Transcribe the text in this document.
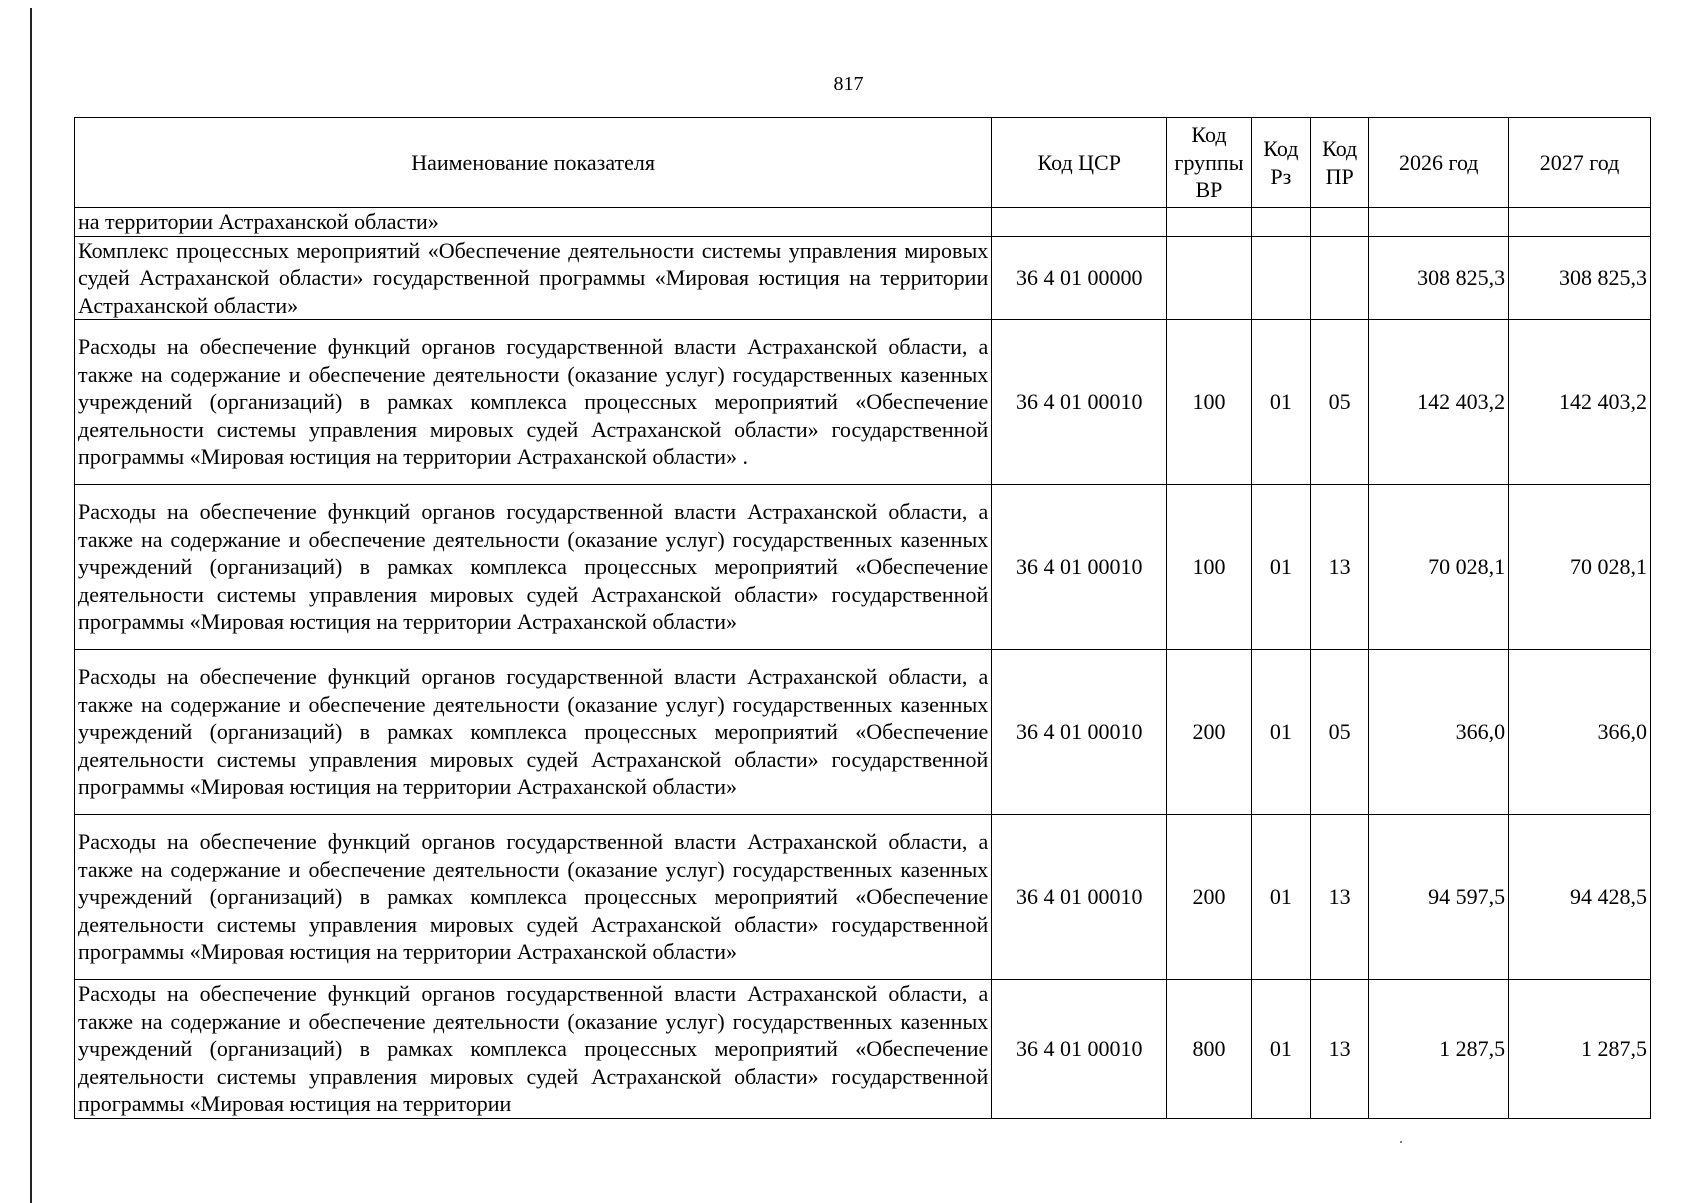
817
Наименование показателя	Код ЦСР	Код группы ВР	Код Рз	Код ПР	2026 год	2027 год
на территории Астраханской области»						
Комплекс процессных мероприятий «Обеспечение деятельности системы управления мировых судей Астраханской области» государственной программы «Мировая юстиция на территории Астраханской области»	36 4 01 00000				308 825,3	308 825,3
Расходы на обеспечение функций органов государственной власти Астраханской области, а также на содержание и обеспечение деятельности (оказание услуг) государственных казенных учреждений (организаций) в рамках комплекса процессных мероприятий «Обеспечение деятельности системы управления мировых судей Астраханской области» государственной программы «Мировая юстиция на территории Астраханской области» .	36 4 01 00010	100	01	05	142 403,2	142 403,2
Расходы на обеспечение функций органов государственной власти Астраханской области, а также на содержание и обеспечение деятельности (оказание услуг) государственных казенных учреждений (организаций) в рамках комплекса процессных мероприятий «Обеспечение деятельности системы управления мировых судей Астраханской области» государственной программы «Мировая юстиция на территории Астраханской области»	36 4 01 00010	100	01	13	70 028,1	70 028,1
Расходы на обеспечение функций органов государственной власти Астраханской области, а также на содержание и обеспечение деятельности (оказание услуг) государственных казенных учреждений (организаций) в рамках комплекса процессных мероприятий «Обеспечение деятельности системы управления мировых судей Астраханской области» государственной программы «Мировая юстиция на территории Астраханской области»	36 4 01 00010	200	01	05	366,0	366,0
Расходы на обеспечение функций органов государственной власти Астраханской области, а также на содержание и обеспечение деятельности (оказание услуг) государственных казенных учреждений (организаций) в рамках комплекса процессных мероприятий «Обеспечение деятельности системы управления мировых судей Астраханской области» государственной программы «Мировая юстиция на территории Астраханской области»	36 4 01 00010	200	01	13	94 597,5	94 428,5
Расходы на обеспечение функций органов государственной власти Астраханской области, а также на содержание и обеспечение деятельности (оказание услуг) государственных казенных учреждений (организаций) в рамках комплекса процессных мероприятий «Обеспечение деятельности системы управления мировых судей Астраханской области» государственной программы «Мировая юстиция на территории	36 4 01 00010	800	01	13	1 287,5	1 287,5
